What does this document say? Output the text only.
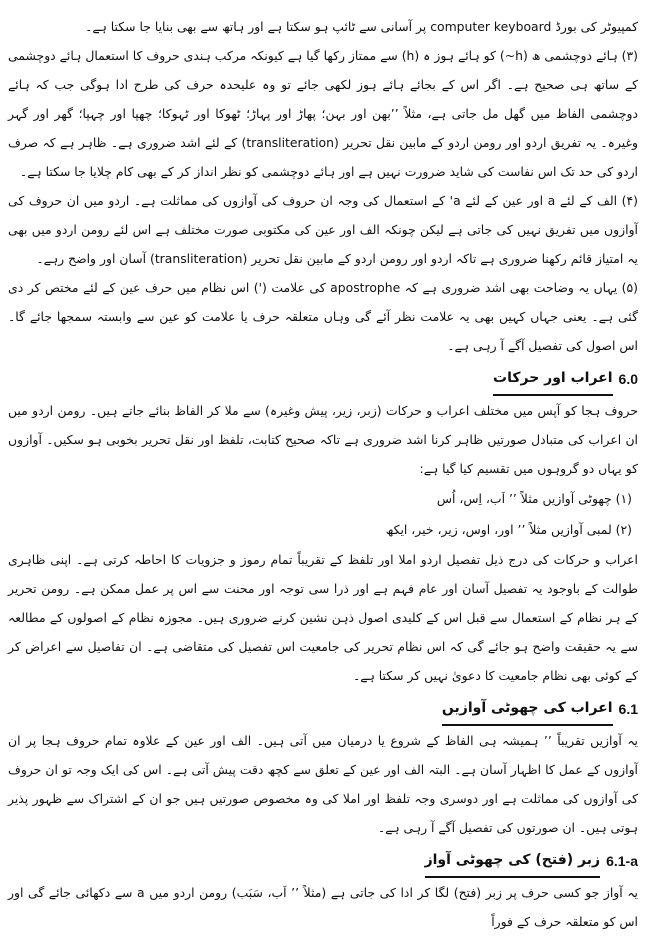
کمپیوٹر کی بورڈ computer keyboard پر آسانی سے ٹائپ ہو سکتا ہے اور ہاتھ سے بھی بنایا جا سکتا ہے۔

(۳) ہائے دوچشمی ھ (h~) کو ہائے ہوز ہ (h) سے ممتاز رکھا گیا ہے کیونکہ مرکب ہندی حروف کا استعمال ہائے دوچشمی کے ساتھ ہی صحیح ہے۔ اگر اس کے بجائے ہائے ہوز لکھی جائے تو وہ علیحدہ حرف کی طرح ادا ہوگی جب کہ ہائے دوچشمی الفاظ میں گھل مل جاتی ہے، مثلاً ’’بھن اور بہن؛ پھاڑ اور پہاڑ؛ ٹھوکا اور ٹہوکا؛ چھپا اور چہپا؛ گھر اور گہر وغیرہ۔ یہ تفریق اردو اور رومن اردو کے مابین نقل تحریر (transliteration) کے لئے اشد ضروری ہے۔ ظاہر ہے کہ صرف اردو کی حد تک اس نفاست کی شاید ضرورت نہیں ہے اور ہائے دوچشمی کو نظر انداز کر کے بھی کام چلایا جا سکتا ہے۔

(۴) الف کے لئے a اور عین کے لئے a' کے استعمال کی وجہ ان حروف کی آوازوں کی مماثلت ہے۔ اردو میں ان حروف کی آوازوں میں تفریق نہیں کی جاتی ہے لیکن چونکہ الف اور عین کی مکتوبی صورت مختلف ہے اس لئے رومن اردو میں بھی یہ امتیاز قائم رکھنا ضروری ہے تاکہ اردو اور رومن اردو کے مابین نقل تحریر (transliteration) آسان اور واضح رہے۔

(۵) یہاں یہ وضاحت بھی اشد ضروری ہے کہ apostrophe کی علامت (') اس نظام میں حرف عین کے لئے مختص کر دی گئی ہے۔ یعنی جہاں کہیں بھی یہ علامت نظر آئے گی وہاں متعلقہ حرف یا علامت کو عین سے وابستہ سمجھا جائے گا۔ اس اصول کی تفصیل آگے آ رہی ہے۔

6.0
اعراب اور حرکات

حروف ہجا کو آپس میں مختلف اعراب و حرکات (زبر، زیر، پیش وغیرہ) سے ملا کر الفاظ بنائے جاتے ہیں۔ رومن اردو میں ان اعراب کی متبادل صورتیں ظاہر کرنا اشد ضروری ہے تاکہ صحیح کتابت، تلفظ اور نقل تحریر بخوبی ہو سکیں۔ آوازوں کو یہاں دو گروہوں میں تقسیم کیا گیا ہے:

(۱) چھوٹی آوازیں مثلاً ’’ اَب، اِس، اُس

(۲) لمبی آوازیں مثلاً ’’ اور، اوس، زیر، خیر، ایکھ

اعراب و حرکات کی درج ذیل تفصیل اردو املا اور تلفظ کے تقریباً تمام رموز و جزویات کا احاطہ کرتی ہے۔ اپنی ظاہری طوالت کے باوجود یہ تفصیل آسان اور عام فہم ہے اور ذرا سی توجہ اور محنت سے اس پر عمل ممکن ہے۔ رومن تحریر کے ہر نظام کے استعمال سے قبل اس کے کلیدی اصول ذہن نشین کرنے ضروری ہیں۔ مجوزہ نظام کے اصولوں کے مطالعہ سے یہ حقیقت واضح ہو جائے گی کہ اس نظام تحریر کی جامعیت اس تفصیل کی متقاضی ہے۔ ان تفاصیل سے اعراض کر کے کوئی بھی نظام جامعیت کا دعویٰ نہیں کر سکتا ہے۔

6.1
اعراب کی چھوٹی آوازیں

یہ آوازیں تقریباً ’’ ہمیشہ ہی الفاظ کے شروع یا درمیان میں آتی ہیں۔ الف اور عین کے علاوہ تمام حروف ہجا پر ان آوازوں کے عمل کا اظہار آسان ہے۔ البتہ الف اور عین کے تعلق سے کچھ دقت پیش آتی ہے۔ اس کی ایک وجہ تو ان حروف کی آوازوں کی مماثلت ہے اور دوسری وجہ تلفظ اور املا کی وہ مخصوص صورتیں ہیں جو ان کے اشتراک سے ظہور پذیر ہوتی ہیں۔ ان صورتوں کی تفصیل آگے آ رہی ہے۔

6.1-a
زبر (فتح) کی چھوٹی آواز

یہ آواز جو کسی حرف پر زبر (فتح) لگا کر ادا کی جاتی ہے (مثلاً ’’ اَب، سَبَب) رومن اردو میں a سے دکھائی جائے گی اور اس کو متعلقہ حرف کے فوراً
